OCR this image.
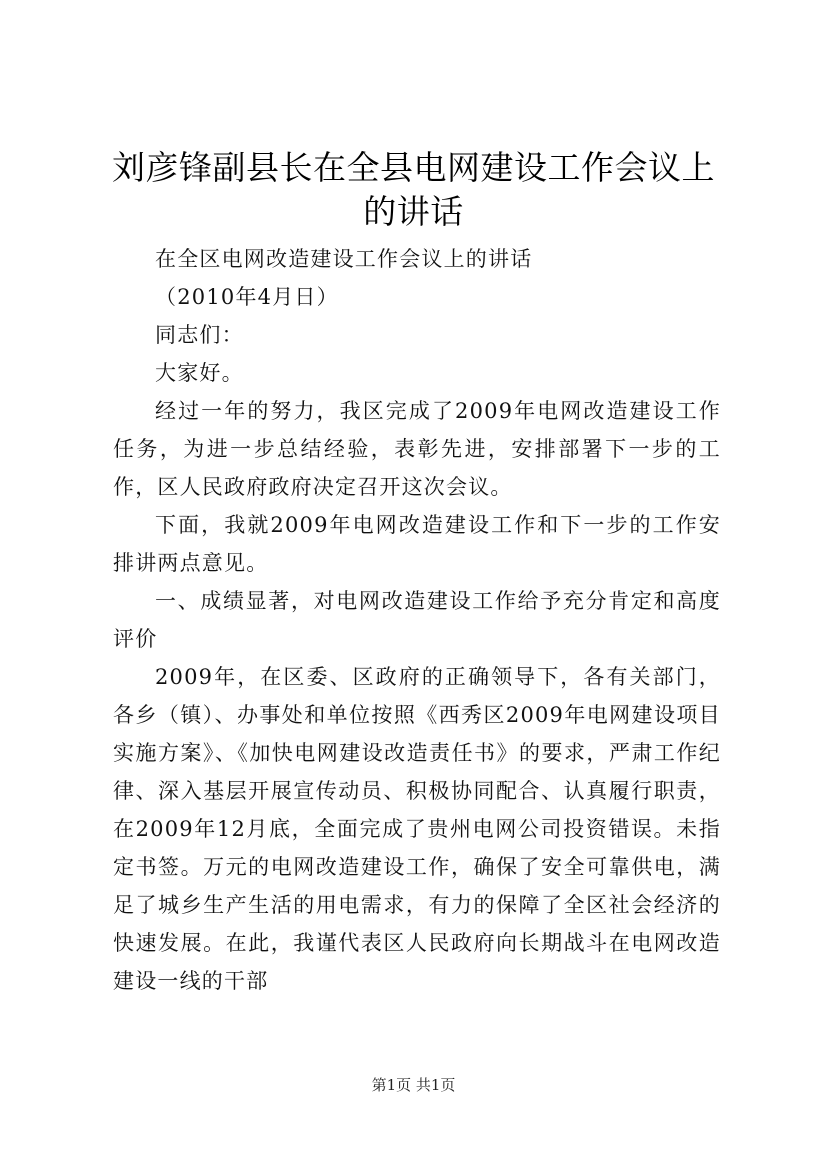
刘彦锋副县长在全县电网建设工作会议上的讲话

在全区电网改造建设工作会议上的讲话

（2010年4月日）

同志们：

大家好。

经过一年的努力，我区完成了2009年电网改造建设工作任务，为进一步总结经验，表彰先进，安排部署下一步的工作，区人民政府政府决定召开这次会议。

下面，我就2009年电网改造建设工作和下一步的工作安排讲两点意见。

一、成绩显著，对电网改造建设工作给予充分肯定和高度评价

2009年，在区委、区政府的正确领导下，各有关部门，各乡（镇）、办事处和单位按照《西秀区2009年电网建设项目实施方案》、《加快电网建设改造责任书》的要求，严肃工作纪律、深入基层开展宣传动员、积极协同配合、认真履行职责，在2009年12月底，全面完成了贵州电网公司投资错误。未指定书签。万元的电网改造建设工作，确保了安全可靠供电，满足了城乡生产生活的用电需求，有力的保障了全区社会经济的快速发展。在此，我谨代表区人民政府向长期战斗在电网改造建设一线的干部

第1页 共1页
